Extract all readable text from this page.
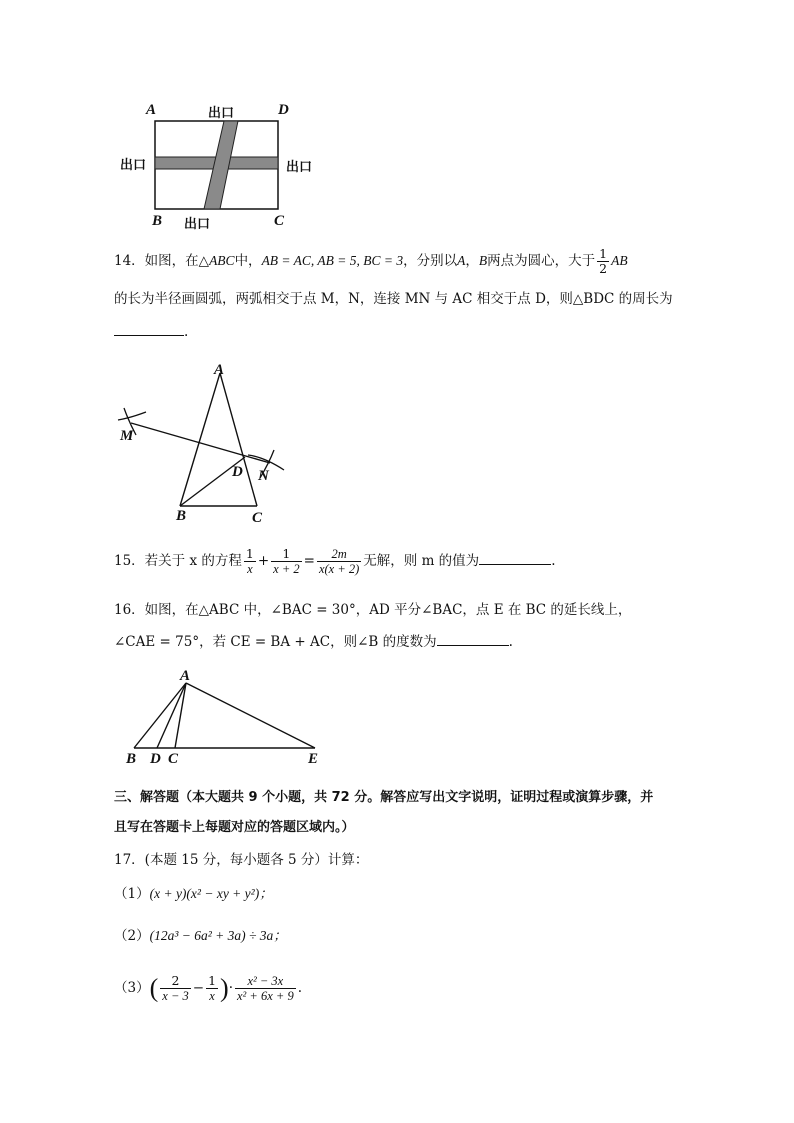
A	D
B	C
出口
出口	出口
出口
14．如图，在△ABC中，AB = AC, AB = 5, BC = 3，分别以A，B两点为圆心，大于 $\frac{1}{2}$ AB
的长为半径画圆弧，两弧相交于点 M，N，连接 MN 与 AC 相交于点 D，则△BDC 的周长为
.
A
M
D N
B	C
15．若关于 x 的方程 $\frac{1}{x} + \frac{1}{x + 2} = \frac{2m}{x(x + 2)}$ 无解，则 m 的值为	.
16．如图，在△ABC 中，∠BAC = 30°，AD 平分∠BAC，点 E 在 BC 的延长线上，
∠CAE = 75°，若 CE = BA + AC，则∠B 的度数为	.
A
B D C	E
三、解答题（本大题共 9 个小题，共 72 分。解答应写出文字说明，证明过程或演算步骤，并
且写在答题卡上每题对应的答题区域内。）
17．(本题 15 分，每小题各 5 分）计算：
（1）(x + y)(x² − xy + y²)；
（2）(12a³ − 6a² + 3a) ÷ 3a；
$(3)( \frac{2}{x - 3} - \frac{1}{x}$ )· $\frac{\text{x² − 3x}}{\text{x² + 6x + 9}}$ .
